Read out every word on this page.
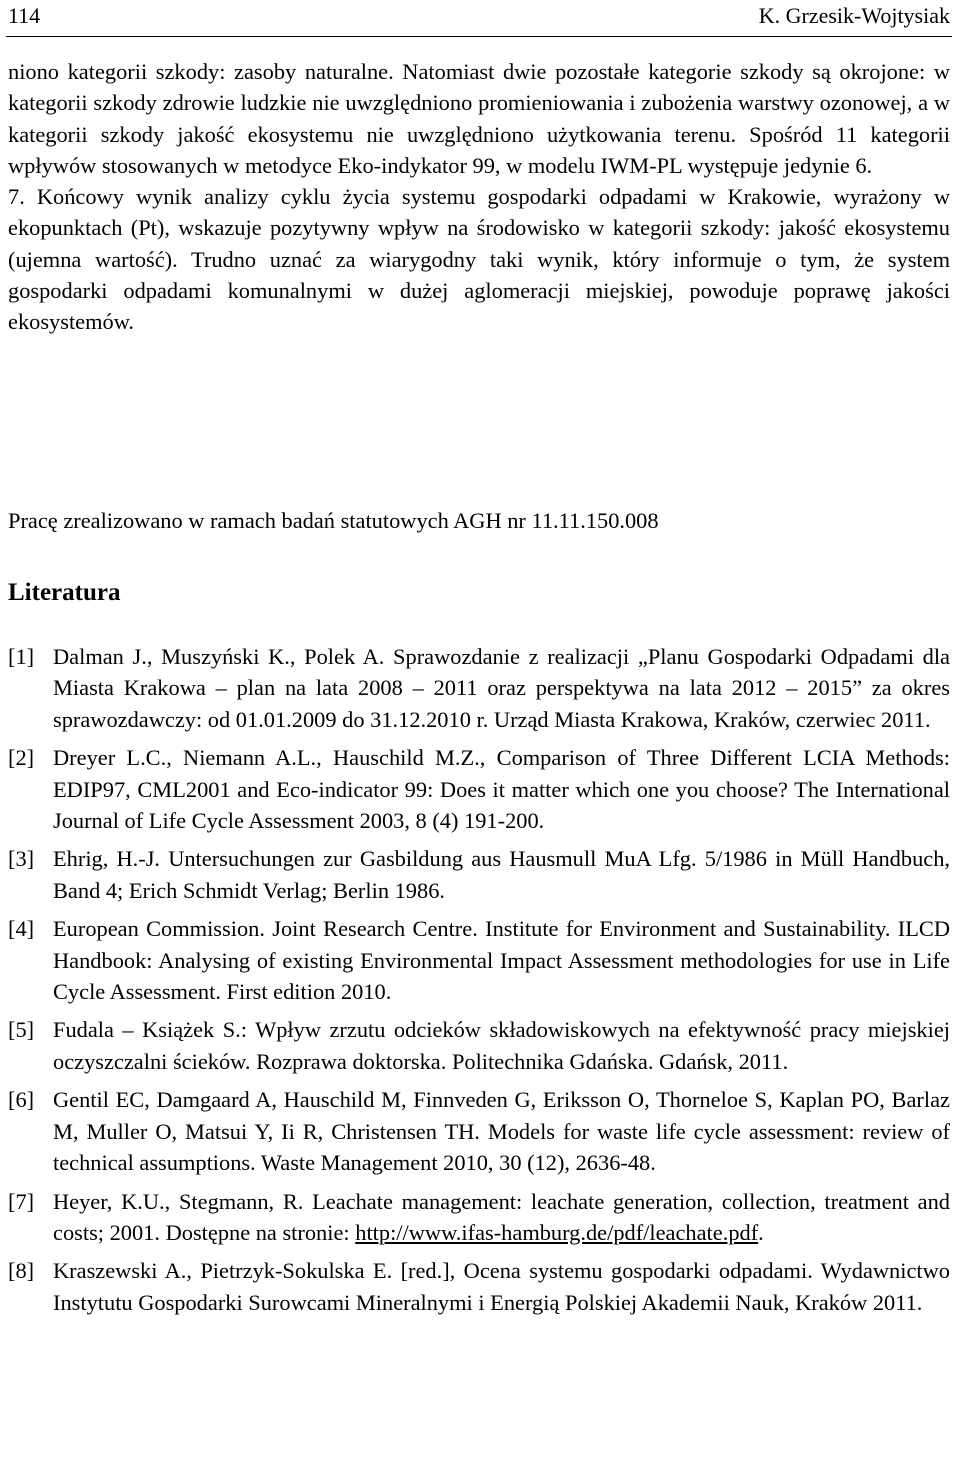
114	K. Grzesik-Wojtysiak

niono kategorii szkody: zasoby naturalne. Natomiast dwie pozostałe kategorie szkody są okrojone: w kategorii szkody zdrowie ludzkie nie uwzględniono promieniowania i zubożenia warstwy ozonowej, a w kategorii szkody jakość ekosystemu nie uwzględniono użytkowania terenu. Spośród 11 kategorii wpływów stosowanych w metodyce Eko-indykator 99, w modelu IWM-PL występuje jedynie 6.

7. Końcowy wynik analizy cyklu życia systemu gospodarki odpadami w Krakowie, wyrażony w ekopunktach (Pt), wskazuje pozytywny wpływ na środowisko w kategorii szkody: jakość ekosystemu (ujemna wartość). Trudno uznać za wiarygodny taki wynik, który informuje o tym, że system gospodarki odpadami komunalnymi w dużej aglomeracji miejskiej, powoduje poprawę jakości ekosystemów.

Pracę zrealizowano w ramach badań statutowych AGH nr 11.11.150.008
Literatura
[1] Dalman J., Muszyński K., Polek A. Sprawozdanie z realizacji „Planu Gospodarki Odpadami dla Miasta Krakowa – plan na lata 2008 – 2011 oraz perspektywa na lata 2012 – 2015” za okres sprawozdawczy: od 01.01.2009 do 31.12.2010 r. Urząd Miasta Krakowa, Kraków, czerwiec 2011.
[2] Dreyer L.C., Niemann A.L., Hauschild M.Z., Comparison of Three Different LCIA Methods: EDIP97, CML2001 and Eco-indicator 99: Does it matter which one you choose? The International Journal of Life Cycle Assessment 2003, 8 (4) 191-200.
[3] Ehrig, H.-J. Untersuchungen zur Gasbildung aus Hausmull MuA Lfg. 5/1986 in Müll Handbuch, Band 4; Erich Schmidt Verlag; Berlin 1986.
[4] European Commission. Joint Research Centre. Institute for Environment and Sustainability. ILCD Handbook: Analysing of existing Environmental Impact Assessment methodologies for use in Life Cycle Assessment. First edition 2010.
[5] Fudala – Książek S.: Wpływ zrzutu odcieków składowiskowych na efektywność pracy miejskiej oczyszczalni ścieków. Rozprawa doktorska. Politechnika Gdańska. Gdańsk, 2011.
[6] Gentil EC, Damgaard A, Hauschild M, Finnveden G, Eriksson O, Thorneloe S, Kaplan PO, Barlaz M, Muller O, Matsui Y, Ii R, Christensen TH. Models for waste life cycle assessment: review of technical assumptions. Waste Management 2010, 30 (12), 2636-48.
[7] Heyer, K.U., Stegmann, R. Leachate management: leachate generation, collection, treatment and costs; 2001. Dostępne na stronie: http://www.ifas-hamburg.de/pdf/leachate.pdf.
[8] Kraszewski A., Pietrzyk-Sokulska E. [red.], Ocena systemu gospodarki odpadami. Wydawnictwo Instytutu Gospodarki Surowcami Mineralnymi i Energią Polskiej Akademii Nauk, Kraków 2011.
